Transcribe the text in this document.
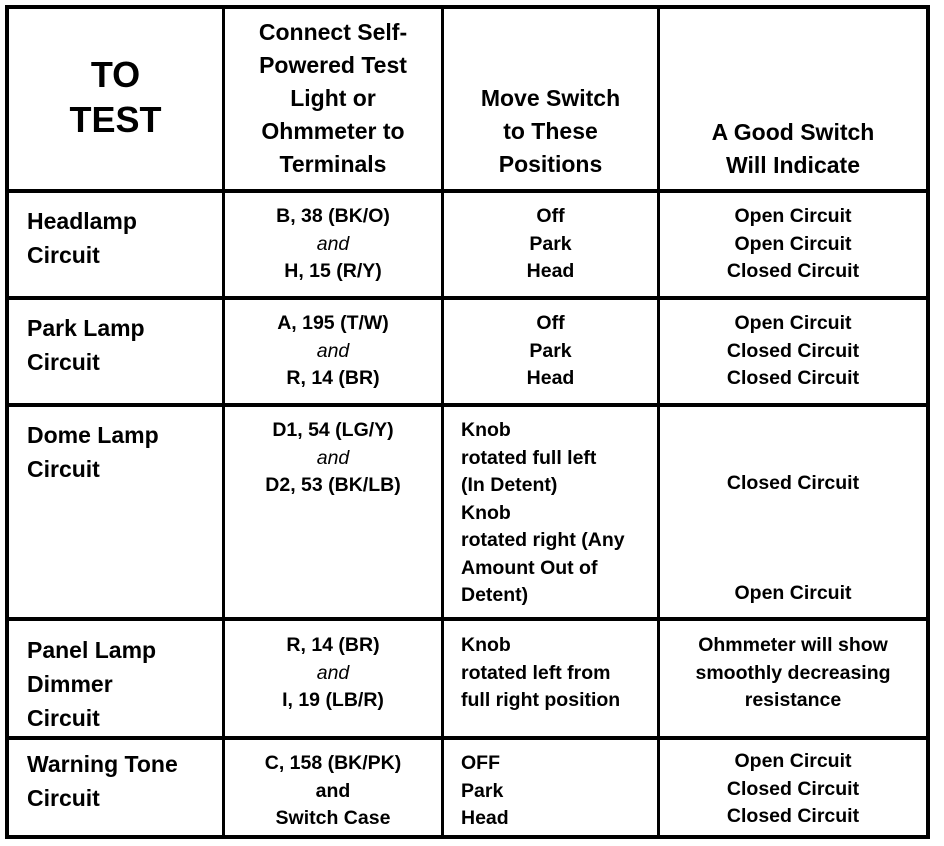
TO
TEST
Connect Self-
Powered Test
Light or
Ohmmeter to
Terminals
Move Switch
to These
Positions
A Good Switch
Will Indicate
Headlamp
Circuit
B, 38 (BK/O)
and
H, 15 (R/Y)
Off
Park
Head
Open Circuit
Open Circuit
Closed Circuit
Park Lamp
Circuit
A, 195 (T/W)
and
R, 14 (BR)
Off
Park
Head
Open Circuit
Closed Circuit
Closed Circuit
Dome Lamp
Circuit
D1, 54 (LG/Y)
and
D2, 53 (BK/LB)
Knob
rotated full left
(In Detent)
Knob
rotated right (Any
Amount Out of
Detent)
Closed Circuit
Open Circuit
Panel Lamp
Dimmer
Circuit
R, 14 (BR)
and
I, 19 (LB/R)
Knob
rotated left from
full right position
Ohmmeter will show
smoothly decreasing
resistance
Warning Tone
Circuit
C, 158 (BK/PK)
and
Switch Case
OFF
Park
Head
Open Circuit
Closed Circuit
Closed Circuit
